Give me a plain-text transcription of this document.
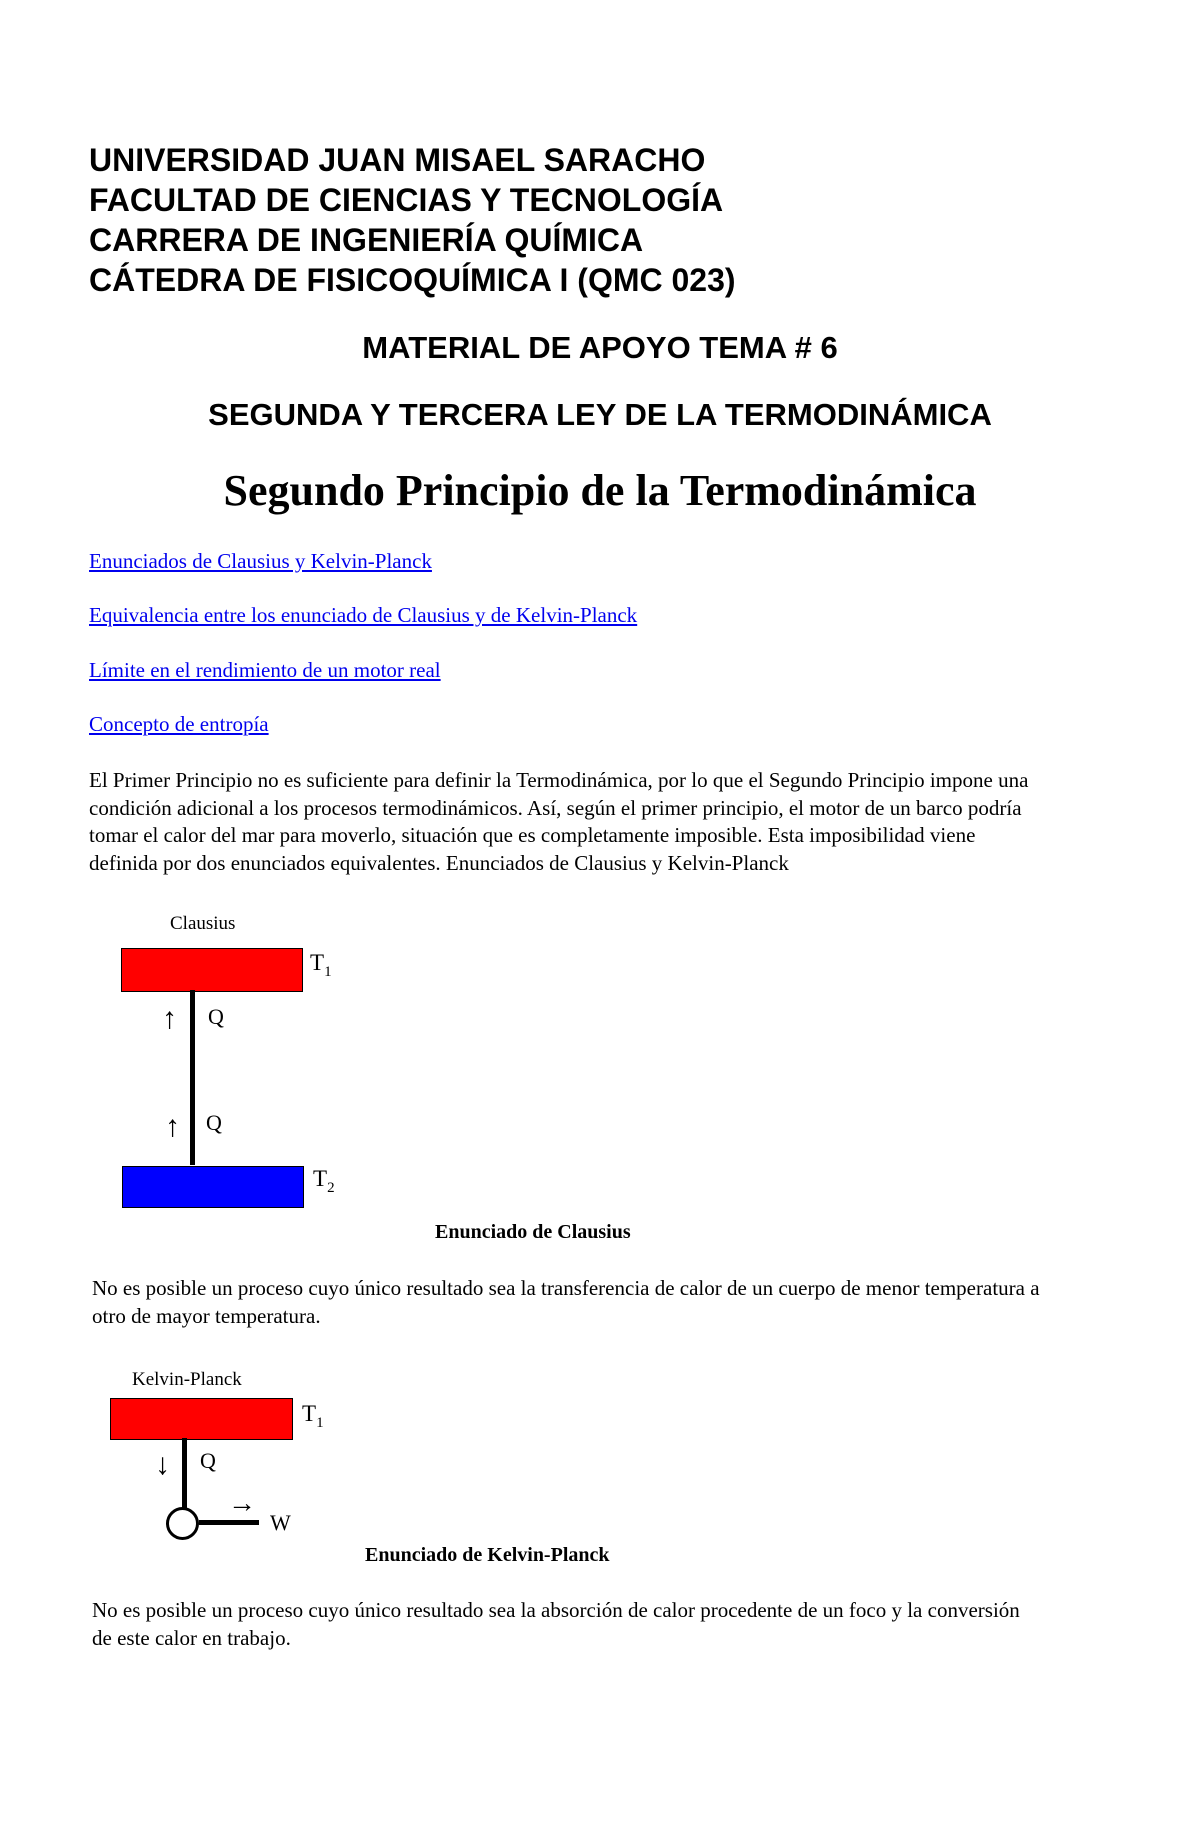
UNIVERSIDAD JUAN MISAEL SARACHO
FACULTAD DE CIENCIAS Y TECNOLOGÍA
CARRERA DE INGENIERÍA QUÍMICA
CÁTEDRA DE FISICOQUÍMICA I (QMC 023)
MATERIAL DE APOYO TEMA # 6
SEGUNDA Y TERCERA LEY DE LA TERMODINÁMICA
Segundo Principio de la Termodinámica
Enunciados de Clausius y Kelvin-Planck
Equivalencia entre los enunciado de Clausius y de Kelvin-Planck
Límite en el rendimiento de un motor real
Concepto de entropía
El Primer Principio no es suficiente para definir la Termodinámica, por lo que el Segundo Principio impone una condición adicional a los procesos termodinámicos. Así, según el primer principio, el motor de un barco podría tomar el calor del mar para moverlo, situación que es completamente imposible. Esta imposibilidad viene definida por dos enunciados equivalentes. Enunciados de Clausius y Kelvin-Planck
Clausius
$T_1$
↑ Q
↑ Q
$T_2$
Enunciado de Clausius
No es posible un proceso cuyo único resultado sea la transferencia de calor de un cuerpo de menor temperatura a otro de mayor temperatura.
Kelvin-Planck
$T_1$
↓ Q
→
W
Enunciado de Kelvin-Planck
No es posible un proceso cuyo único resultado sea la absorción de calor procedente de un foco y la conversión de este calor en trabajo.
